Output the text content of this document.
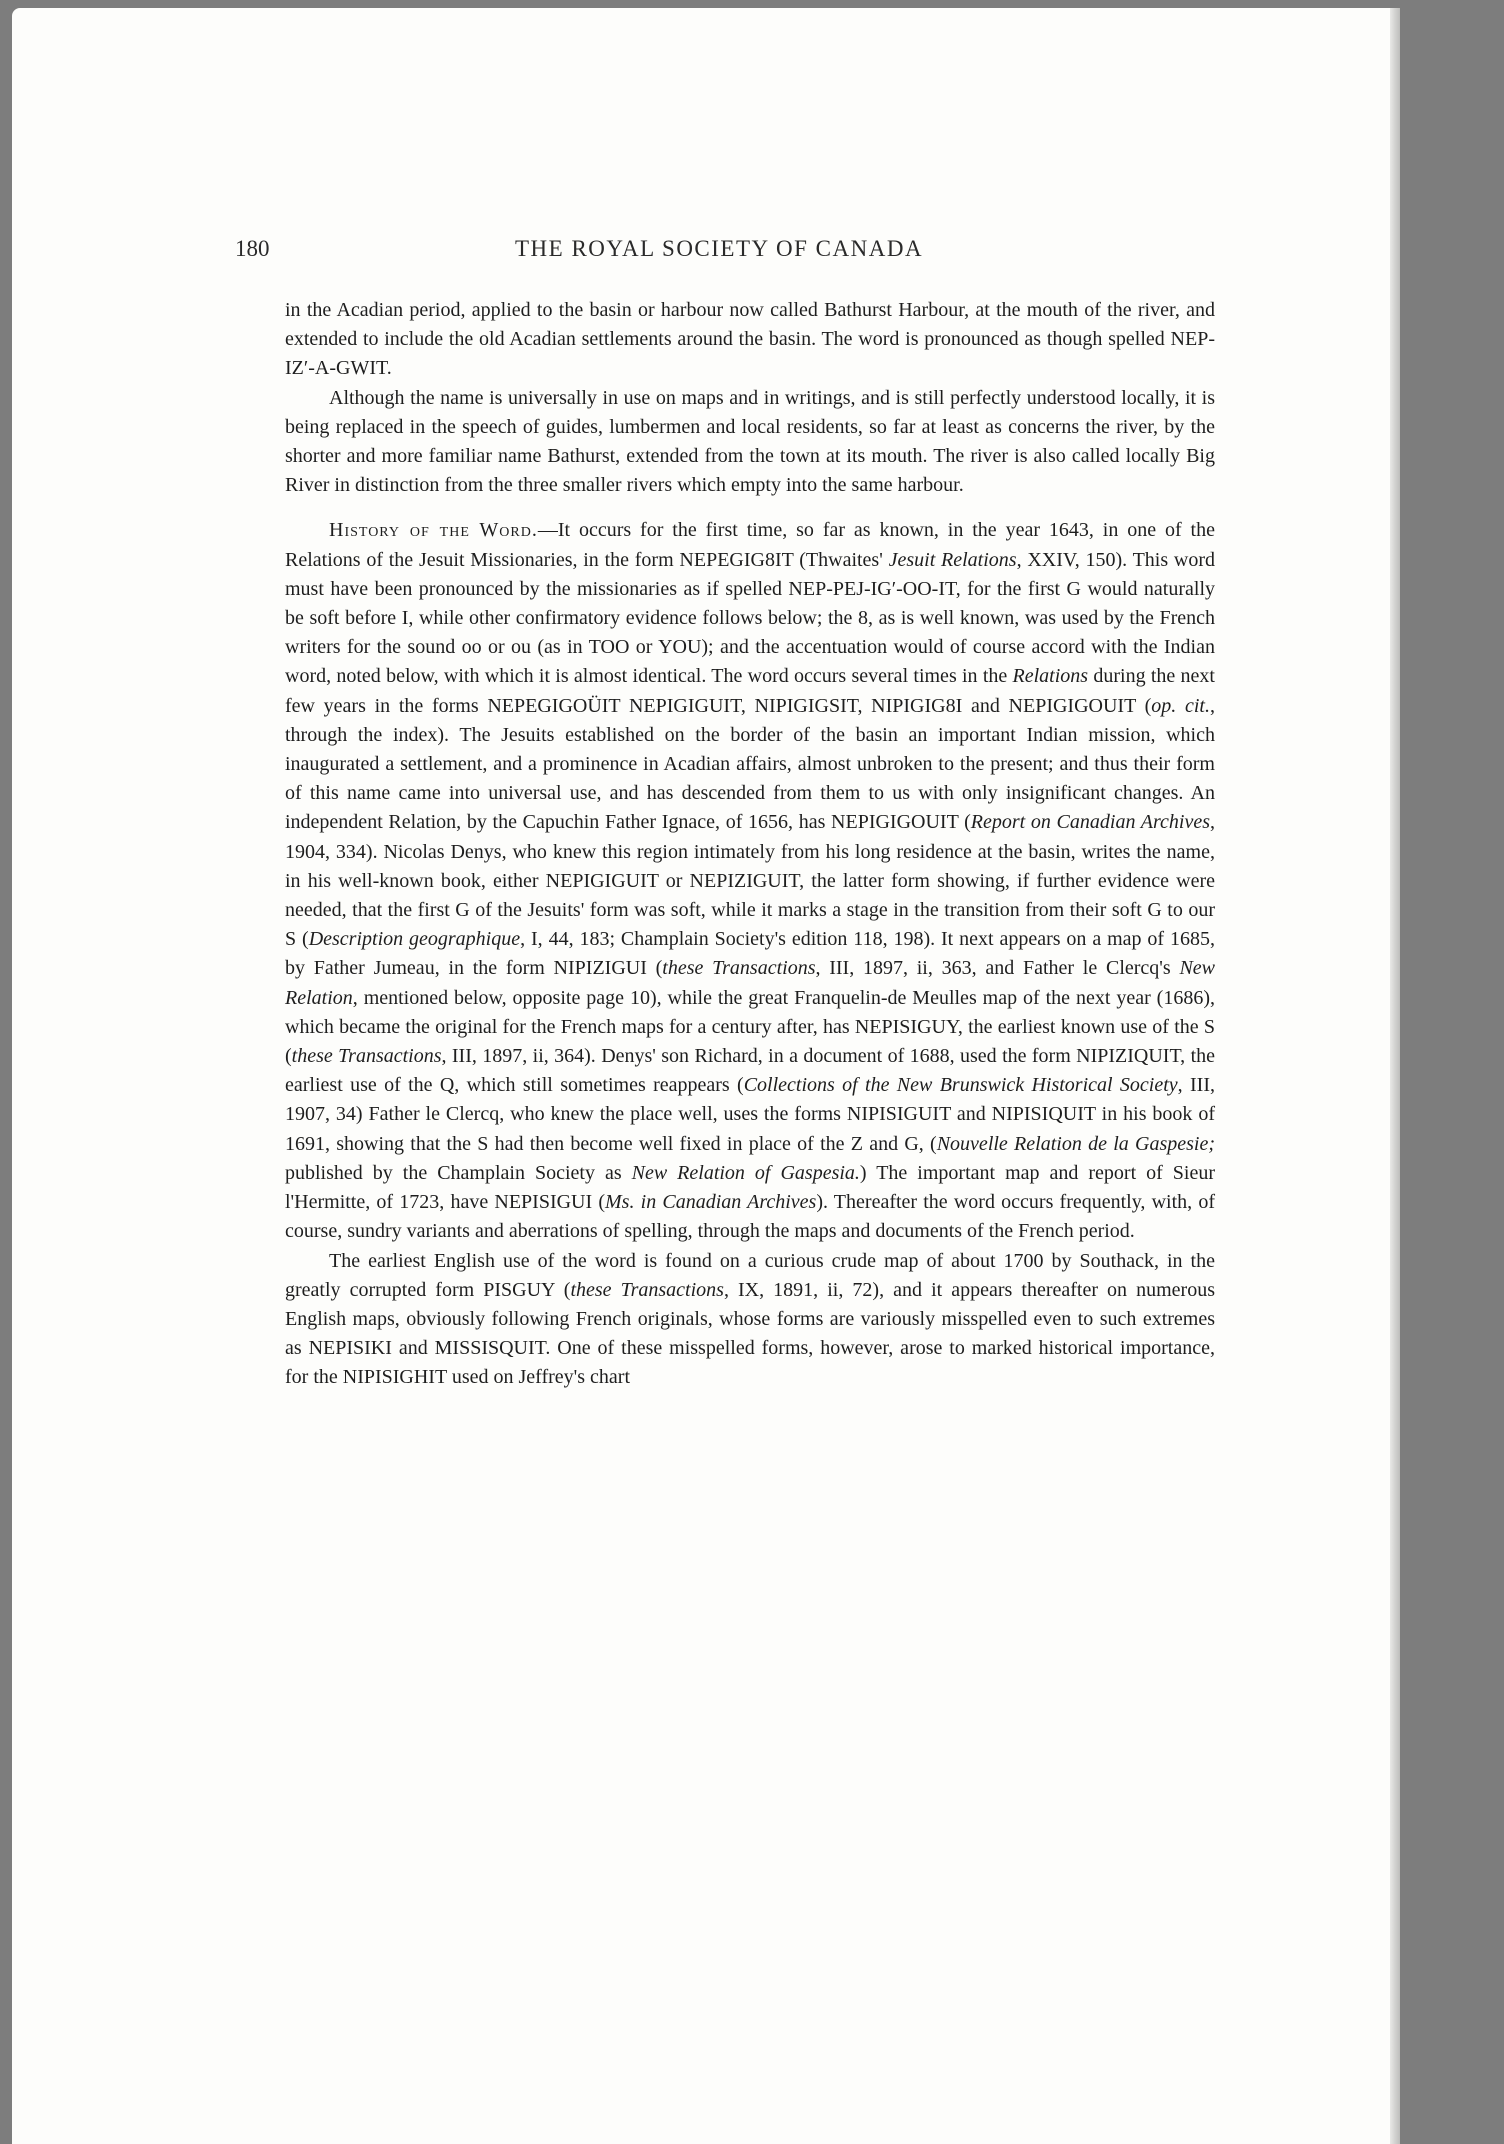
180	THE ROYAL SOCIETY OF CANADA

in the Acadian period, applied to the basin or harbour now called Bathurst Harbour, at the mouth of the river, and extended to include the old Acadian settlements around the basin. The word is pronounced as though spelled NEP-IZ′-A-GWIT.

Although the name is universally in use on maps and in writings, and is still perfectly understood locally, it is being replaced in the speech of guides, lumbermen and local residents, so far at least as concerns the river, by the shorter and more familiar name Bathurst, extended from the town at its mouth. The river is also called locally Big River in distinction from the three smaller rivers which empty into the same harbour.

History of the Word.—It occurs for the first time, so far as known, in the year 1643, in one of the Relations of the Jesuit Missionaries, in the form NEPEGIG8IT (Thwaites' Jesuit Relations, XXIV, 150). This word must have been pronounced by the missionaries as if spelled NEP-PEJ-IG′-OO-IT, for the first G would naturally be soft before I, while other confirmatory evidence follows below; the 8, as is well known, was used by the French writers for the sound oo or ou (as in TOO or YOU); and the accentuation would of course accord with the Indian word, noted below, with which it is almost identical. The word occurs several times in the Relations during the next few years in the forms NEPEGIGOÜIT NEPIGIGUIT, NIPIGIGSIT, NIPIGIG8I and NEPIGIGOUIT (op. cit., through the index). The Jesuits established on the border of the basin an important Indian mission, which inaugurated a settlement, and a prominence in Acadian affairs, almost unbroken to the present; and thus their form of this name came into universal use, and has descended from them to us with only insignificant changes. An independent Relation, by the Capuchin Father Ignace, of 1656, has NEPIGIGOUIT (Report on Canadian Archives, 1904, 334). Nicolas Denys, who knew this region intimately from his long residence at the basin, writes the name, in his well-known book, either NEPIGIGUIT or NEPIZIGUIT, the latter form showing, if further evidence were needed, that the first G of the Jesuits' form was soft, while it marks a stage in the transition from their soft G to our S (Description geographique, I, 44, 183; Champlain Society's edition 118, 198). It next appears on a map of 1685, by Father Jumeau, in the form NIPIZIGUI (these Transactions, III, 1897, ii, 363, and Father le Clercq's New Relation, mentioned below, opposite page 10), while the great Franquelin-de Meulles map of the next year (1686), which became the original for the French maps for a century after, has NEPISIGUY, the earliest known use of the S (these Transactions, III, 1897, ii, 364). Denys' son Richard, in a document of 1688, used the form NIPIZIQUIT, the earliest use of the Q, which still sometimes reappears (Collections of the New Brunswick Historical Society, III, 1907, 34) Father le Clercq, who knew the place well, uses the forms NIPISIGUIT and NIPISIQUIT in his book of 1691, showing that the S had then become well fixed in place of the Z and G, (Nouvelle Relation de la Gaspesie; published by the Champlain Society as New Relation of Gaspesia.) The important map and report of Sieur l'Hermitte, of 1723, have NEPISIGUI (Ms. in Canadian Archives). Thereafter the word occurs frequently, with, of course, sundry variants and aberrations of spelling, through the maps and documents of the French period.

The earliest English use of the word is found on a curious crude map of about 1700 by Southack, in the greatly corrupted form PISGUY (these Transactions, IX, 1891, ii, 72), and it appears thereafter on numerous English maps, obviously following French originals, whose forms are variously misspelled even to such extremes as NEPISIKI and MISSISQUIT. One of these misspelled forms, however, arose to marked historical importance, for the NIPISIGHIT used on Jeffrey's chart
